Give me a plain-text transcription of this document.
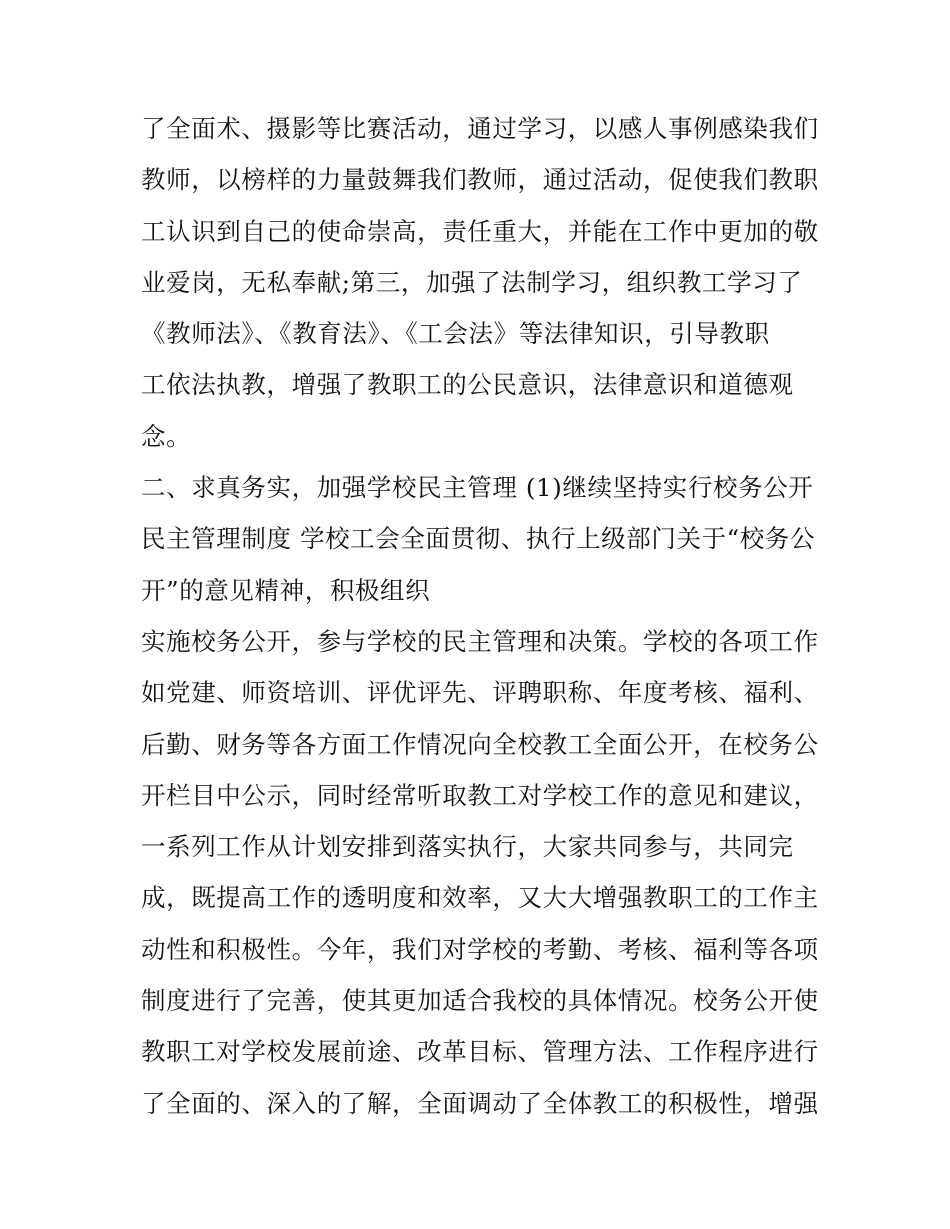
了全面术、摄影等比赛活动，通过学习，以感人事例感染我们
教师，以榜样的力量鼓舞我们教师，通过活动，促使我们教职
工认识到自己的使命崇高，责任重大，并能在工作中更加的敬
业爱岗，无私奉献;第三，加强了法制学习，组织教工学习了
《教师法》、《教育法》、《工会法》等法律知识，引导教职
工依法执教，增强了教职工的公民意识，法律意识和道德观
念。
二、求真务实，加强学校民主管理 (1)继续坚持实行校务公开
民主管理制度 学校工会全面贯彻、执行上级部门关于“校务公
开”的意见精神，积极组织
实施校务公开，参与学校的民主管理和决策。学校的各项工作
如党建、师资培训、评优评先、评聘职称、年度考核、福利、
后勤、财务等各方面工作情况向全校教工全面公开，在校务公
开栏目中公示，同时经常听取教工对学校工作的意见和建议，
一系列工作从计划安排到落实执行，大家共同参与，共同完
成，既提高工作的透明度和效率，又大大增强教职工的工作主
动性和积极性。今年，我们对学校的考勤、考核、福利等各项
制度进行了完善，使其更加适合我校的具体情况。校务公开使
教职工对学校发展前途、改革目标、管理方法、工作程序进行
了全面的、深入的了解，全面调动了全体教工的积极性，增强
